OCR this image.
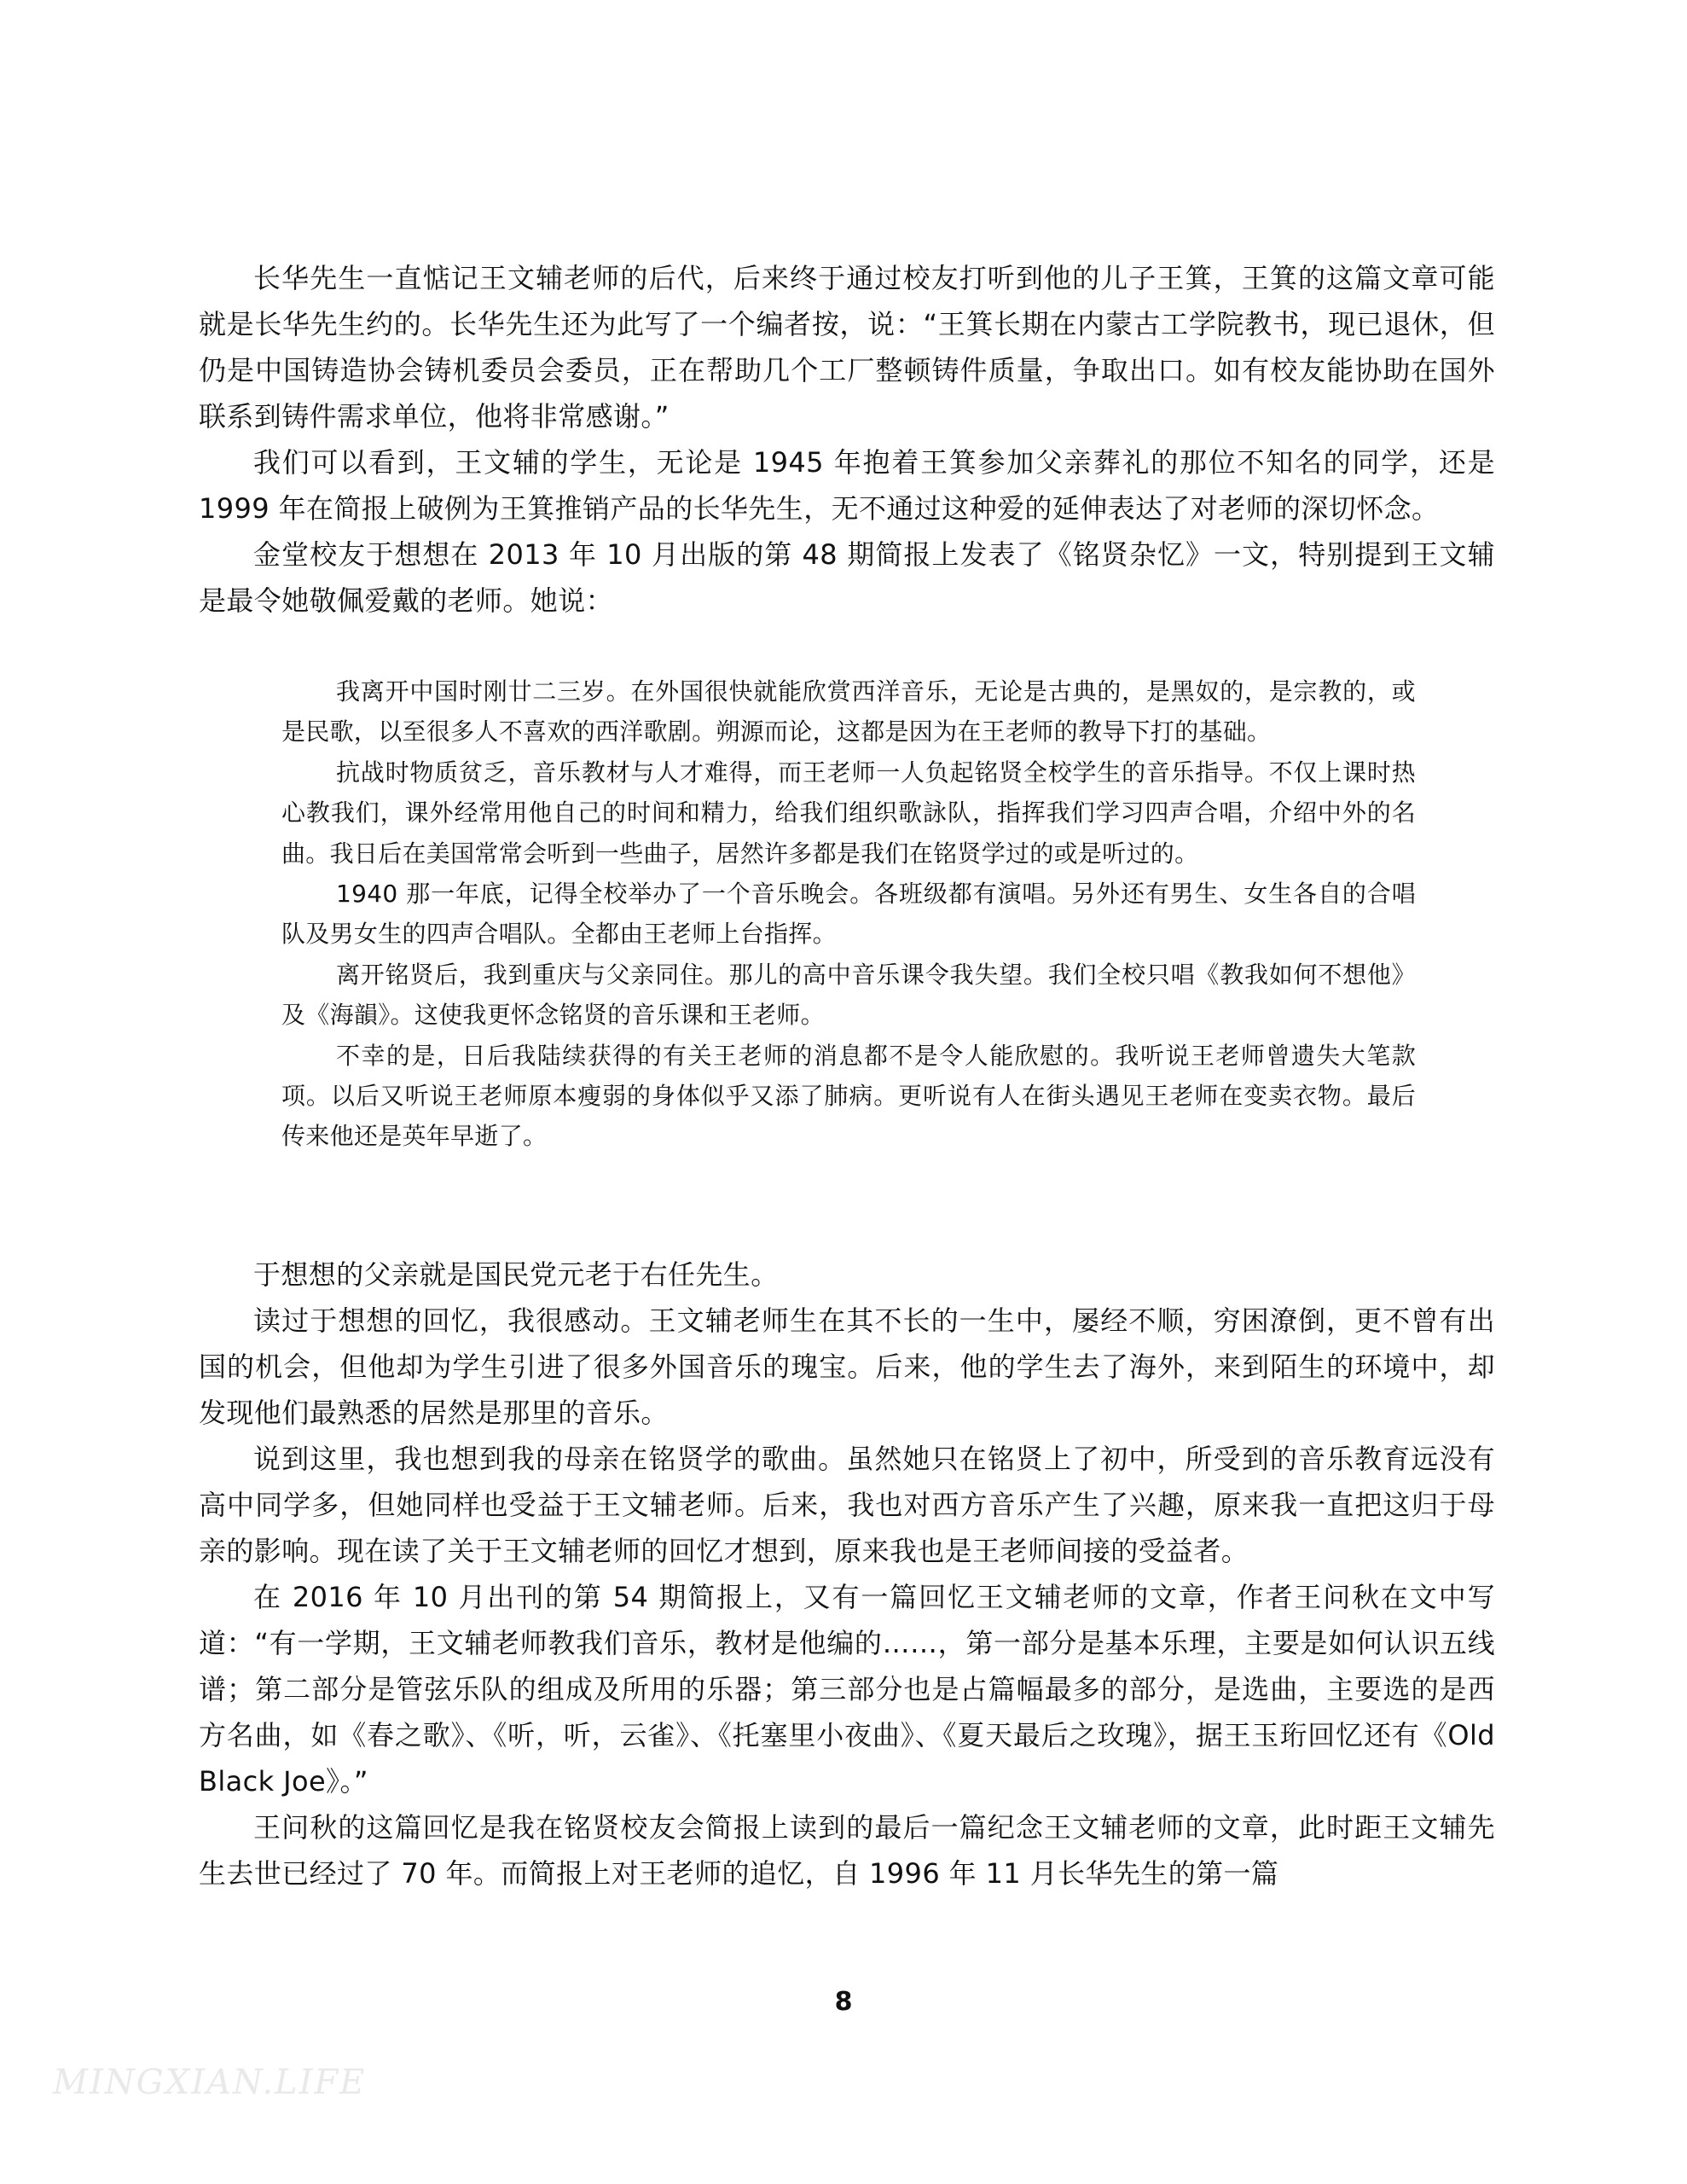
长华先生一直惦记王文辅老师的后代，后来终于通过校友打听到他的儿子王箕，王箕的这篇文章可能就是长华先生约的。长华先生还为此写了一个编者按，说：“王箕长期在内蒙古工学院教书，现已退休，但仍是中国铸造协会铸机委员会委员，正在帮助几个工厂整顿铸件质量，争取出口。如有校友能协助在国外联系到铸件需求单位，他将非常感谢。”

我们可以看到，王文辅的学生，无论是 1945 年抱着王箕参加父亲葬礼的那位不知名的同学，还是 1999 年在简报上破例为王箕推销产品的长华先生，无不通过这种爱的延伸表达了对老师的深切怀念。

金堂校友于想想在 2013 年 10 月出版的第 48 期简报上发表了《铭贤杂忆》一文，特别提到王文辅是最令她敬佩爱戴的老师。她说：

我离开中国时刚廿二三岁。在外国很快就能欣赏西洋音乐，无论是古典的，是黑奴的，是宗教的，或是民歌，以至很多人不喜欢的西洋歌剧。朔源而论，这都是因为在王老师的教导下打的基础。

抗战时物质贫乏，音乐教材与人才难得，而王老师一人负起铭贤全校学生的音乐指导。不仅上课时热心教我们，课外经常用他自己的时间和精力，给我们组织歌詠队，指挥我们学习四声合唱，介绍中外的名曲。我日后在美国常常会听到一些曲子，居然许多都是我们在铭贤学过的或是听过的。

1940 那一年底，记得全校举办了一个音乐晚会。各班级都有演唱。另外还有男生、女生各自的合唱队及男女生的四声合唱队。全都由王老师上台指挥。

离开铭贤后，我到重庆与父亲同住。那儿的高中音乐课令我失望。我们全校只唱《教我如何不想他》及《海韻》。这使我更怀念铭贤的音乐课和王老师。

不幸的是，日后我陆续获得的有关王老师的消息都不是令人能欣慰的。我听说王老师曾遗失大笔款项。以后又听说王老师原本瘦弱的身体似乎又添了肺病。更听说有人在街头遇见王老师在变卖衣物。最后传来他还是英年早逝了。

于想想的父亲就是国民党元老于右任先生。

读过于想想的回忆，我很感动。王文辅老师生在其不长的一生中，屡经不顺，穷困潦倒，更不曾有出国的机会，但他却为学生引进了很多外国音乐的瑰宝。后来，他的学生去了海外，来到陌生的环境中，却发现他们最熟悉的居然是那里的音乐。

说到这里，我也想到我的母亲在铭贤学的歌曲。虽然她只在铭贤上了初中，所受到的音乐教育远没有高中同学多，但她同样也受益于王文辅老师。后来，我也对西方音乐产生了兴趣，原来我一直把这归于母亲的影响。现在读了关于王文辅老师的回忆才想到，原来我也是王老师间接的受益者。

在 2016 年 10 月出刊的第 54 期简报上，又有一篇回忆王文辅老师的文章，作者王问秋在文中写道：“有一学期，王文辅老师教我们音乐，教材是他编的……，第一部分是基本乐理，主要是如何认识五线谱；第二部分是管弦乐队的组成及所用的乐器；第三部分也是占篇幅最多的部分，是选曲，主要选的是西方名曲，如《春之歌》、《听，听，云雀》、《托塞里小夜曲》、《夏天最后之玫瑰》，据王玉珩回忆还有《Old Black Joe》。”

王问秋的这篇回忆是我在铭贤校友会简报上读到的最后一篇纪念王文辅老师的文章，此时距王文辅先生去世已经过了 70 年。而简报上对王老师的追忆，自 1996 年 11 月长华先生的第一篇

8
MINGXIAN.LIFE
